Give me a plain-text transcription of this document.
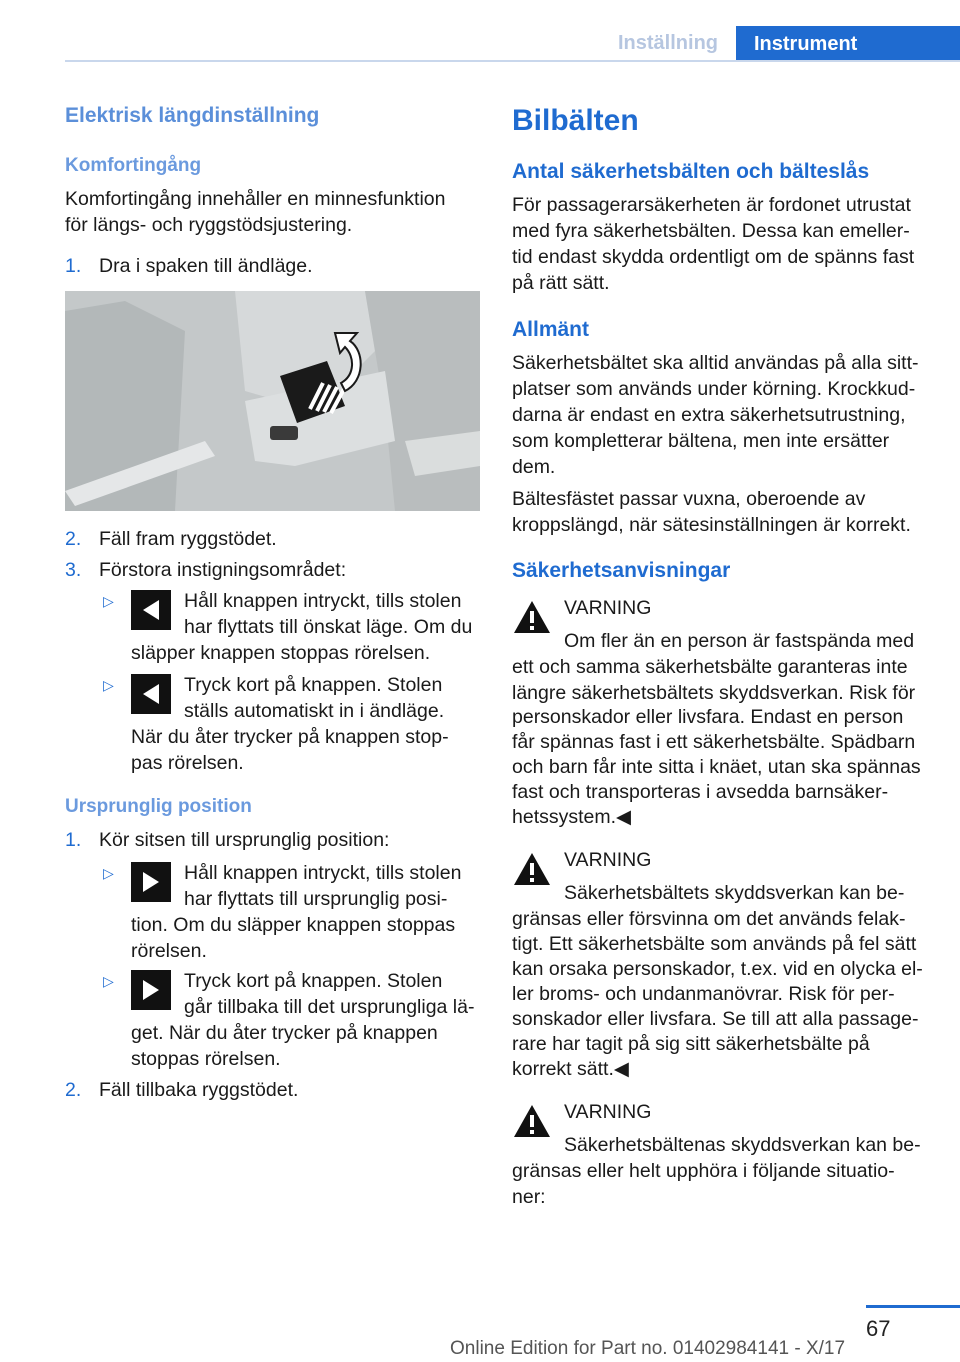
Inställning	Instrument
Elektrisk längdinställning
Komfortingång
Komfortingång innehåller en minnesfunktion
för längs- och ryggstödsjustering.
1. Dra i spaken till ändläge.
2. Fäll fram ryggstödet.
3. Förstora instigningsområdet:
▷	Håll knappen intryckt, tills stolen
har flyttats till önskat läge. Om du
släpper knappen stoppas rörelsen.
▷	Tryck kort på knappen. Stolen
ställs automatiskt in i ändläge.
När du åter trycker på knappen stop‐
pas rörelsen.
Ursprunglig position
1. Kör sitsen till ursprunglig position:
▷	Håll knappen intryckt, tills stolen
har flyttats till ursprunglig posi‐
tion. Om du släpper knappen stoppas
rörelsen.
▷	Tryck kort på knappen. Stolen
går tillbaka till det ursprungliga lä‐
get. När du åter trycker på knappen
stoppas rörelsen.
2. Fäll tillbaka ryggstödet.
Bilbälten
Antal säkerhetsbälten och bälteslås
För passagerarsäkerheten är fordonet utrustat
med fyra säkerhetsbälten. Dessa kan emeller‐
tid endast skydda ordentligt om de spänns fast
på rätt sätt.
Allmänt
Säkerhetsbältet ska alltid användas på alla sitt‐
platser som används under körning. Krockkud‐
darna är endast en extra säkerhetsutrustning,
som kompletterar bältena, men inte ersätter
dem.
Bältesfästet passar vuxna, oberoende av
kroppslängd, när sätesinställningen är korrekt.
Säkerhetsanvisningar
VARNING
Om fler än en person är fastspända med
ett och samma säkerhetsbälte garanteras inte
längre säkerhetsbältets skyddsverkan. Risk för
personskador eller livsfara. Endast en person
får spännas fast i ett säkerhetsbälte. Spädbarn
och barn får inte sitta i knäet, utan ska spännas
fast och transporteras i avsedda barnsäker‐
hetssystem.◀
VARNING
Säkerhetsbältets skyddsverkan kan be‐
gränsas eller försvinna om det används felak‐
tigt. Ett säkerhetsbälte som används på fel sätt
kan orsaka personskador, t.ex. vid en olycka el‐
ler broms- och undanmanövrar. Risk för per‐
sonskador eller livsfara. Se till att alla passage‐
rare har tagit på sig sitt säkerhetsbälte på
korrekt sätt.◀
VARNING
Säkerhetsbältenas skyddsverkan kan be‐
gränsas eller helt upphöra i följande situatio‐
ner:
67
Online Edition for Part no. 01402984141 - X/17
